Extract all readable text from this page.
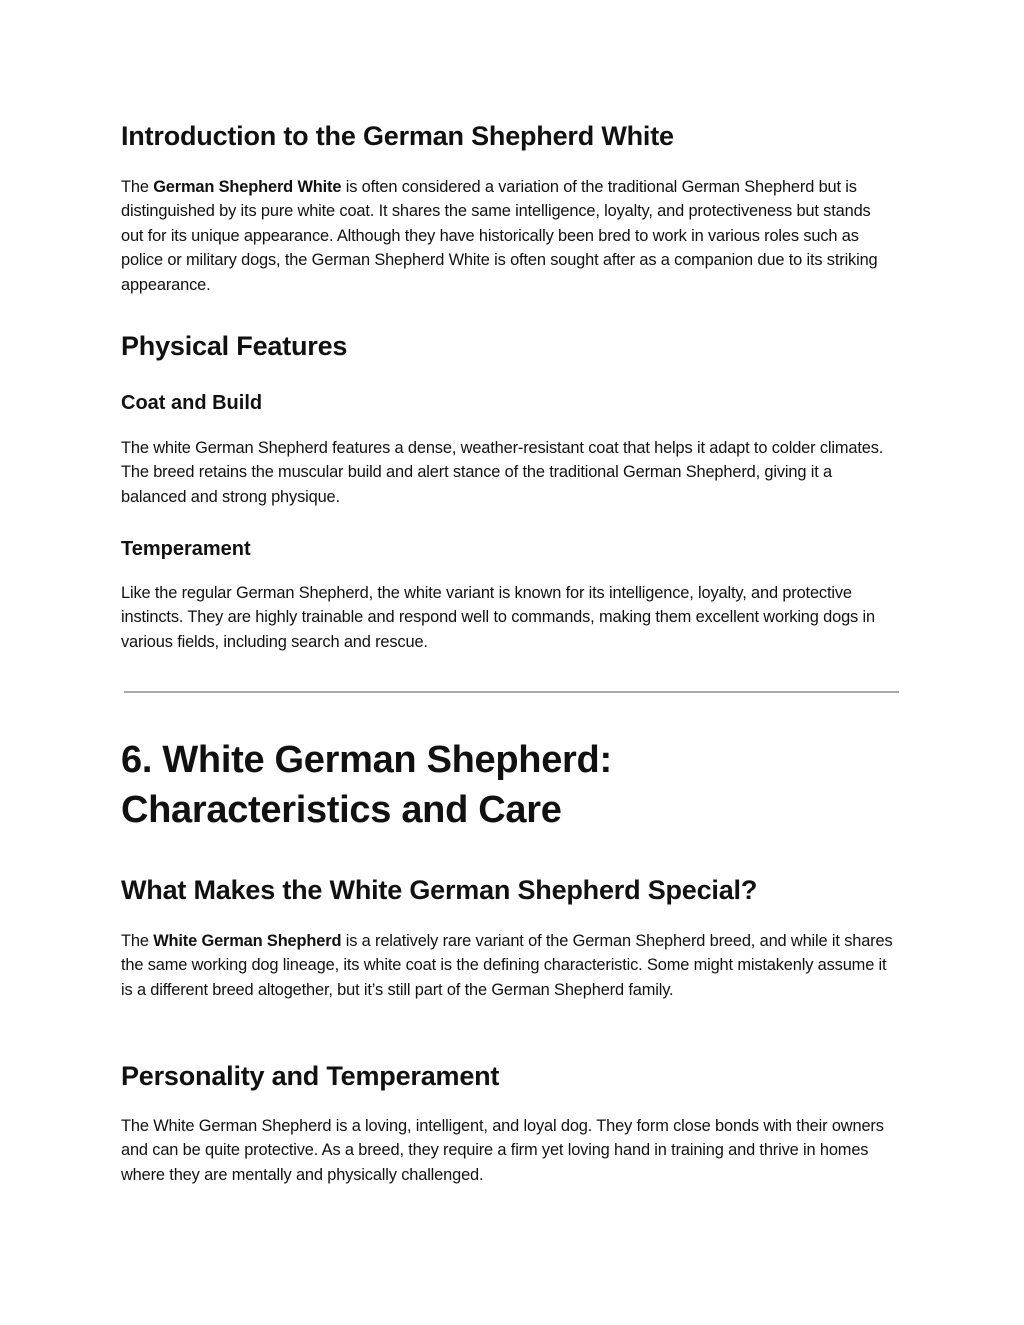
Introduction to the German Shepherd White

The German Shepherd White is often considered a variation of the traditional German Shepherd but is distinguished by its pure white coat. It shares the same intelligence, loyalty, and protectiveness but stands out for its unique appearance. Although they have historically been bred to work in various roles such as police or military dogs, the German Shepherd White is often sought after as a companion due to its striking appearance.

Physical Features
Coat and Build

The white German Shepherd features a dense, weather-resistant coat that helps it adapt to colder climates. The breed retains the muscular build and alert stance of the traditional German Shepherd, giving it a balanced and strong physique.

Temperament

Like the regular German Shepherd, the white variant is known for its intelligence, loyalty, and protective instincts. They are highly trainable and respond well to commands, making them excellent working dogs in various fields, including search and rescue.

6. White German Shepherd:
Characteristics and Care
What Makes the White German Shepherd Special?

The White German Shepherd is a relatively rare variant of the German Shepherd breed, and while it shares the same working dog lineage, its white coat is the defining characteristic. Some might mistakenly assume it is a different breed altogether, but it’s still part of the German Shepherd family.

Personality and Temperament

The White German Shepherd is a loving, intelligent, and loyal dog. They form close bonds with their owners and can be quite protective. As a breed, they require a firm yet loving hand in training and thrive in homes where they are mentally and physically challenged.
